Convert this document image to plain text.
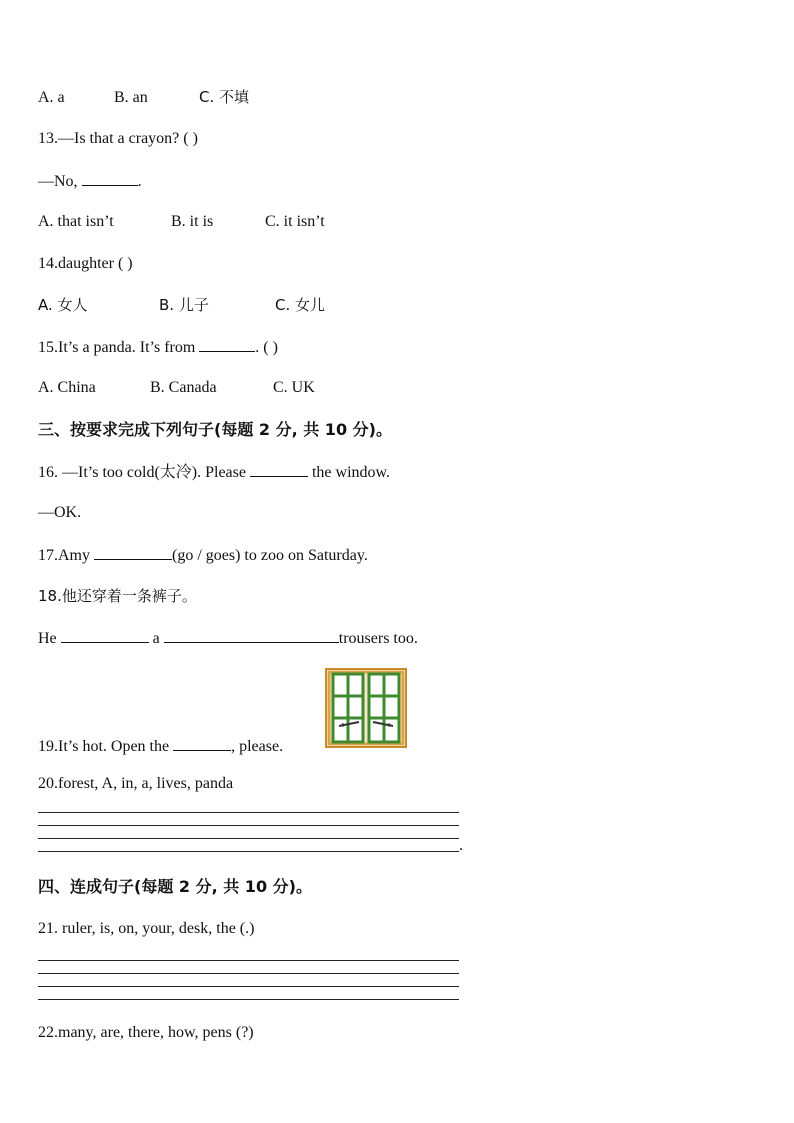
A. a	B. an	C. 不填
13.—Is that a crayon? ( )
—No,	.
A. that isn’t	B. it is	C. it isn’t
14.daughter ( )
A. 女人	B. 儿子	C. 女儿
15.It’s a panda. It’s from	. ( )
A. China	B. Canada	C. UK
三、按要求完成下列句子(每题 2 分, 共 10 分)。
16. —It’s too cold(太冷). Please	the window.
—OK.
17.Amy	(go / goes) to zoo on Saturday.
18.他还穿着一条裤子。
He	a	trousers too.
19.It’s hot. Open the	, please.
20.forest, A, in, a, lives, panda
.
四、连成句子(每题 2 分, 共 10 分)。
21. ruler, is, on, your, desk, the (.)
22.many, are, there, how, pens (?)
